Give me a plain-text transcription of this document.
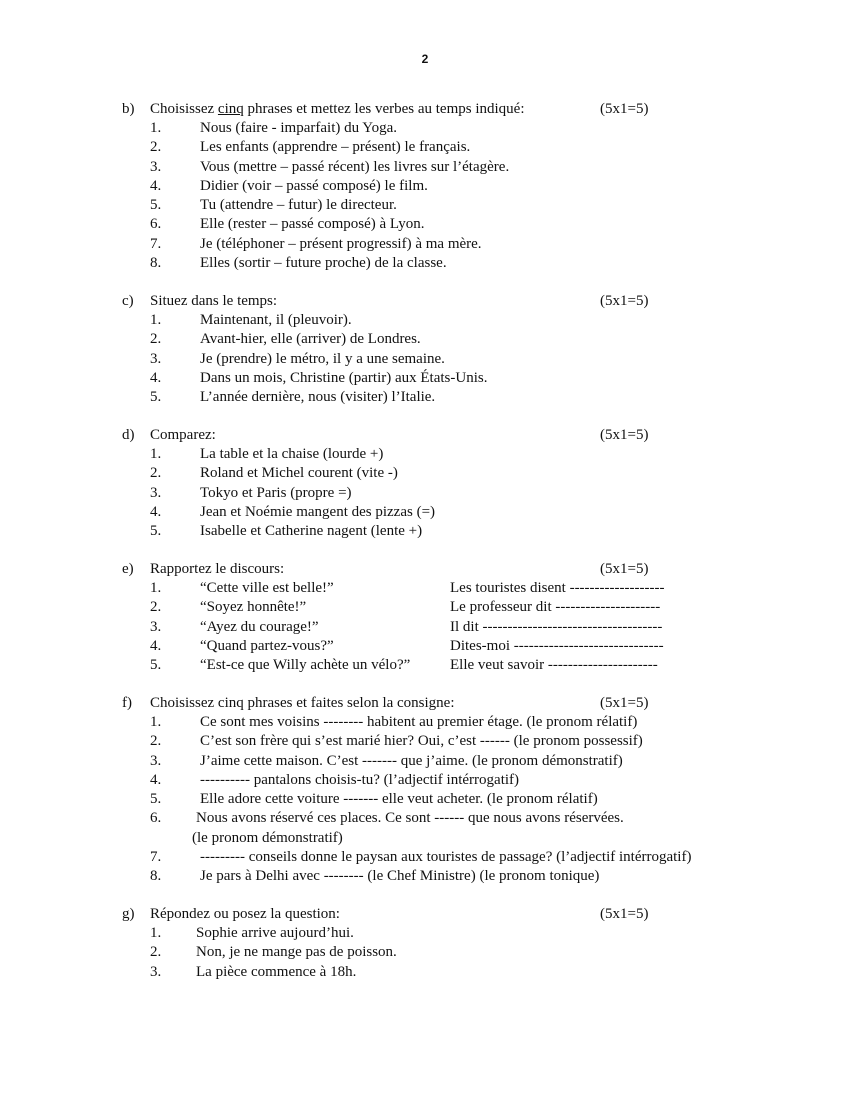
2
b) Choisissez cinq phrases et mettez les verbes au temps indiqué:	(5x1=5)
1.	Nous (faire - imparfait) du Yoga.
2.	Les enfants (apprendre – présent) le français.
3.	Vous (mettre – passé récent) les livres sur l’étagère.
4.	Didier (voir – passé composé) le film.
5.	Tu (attendre – futur) le directeur.
6.	Elle (rester – passé composé) à Lyon.
7.	Je (téléphoner – présent progressif) à ma mère.
8.	Elles (sortir – future proche) de la classe.
c) Situez dans le temps:	(5x1=5)
1.	Maintenant, il (pleuvoir).
2.	Avant-hier, elle (arriver) de Londres.
3.	Je (prendre) le métro, il y a une semaine.
4.	Dans un mois, Christine (partir) aux États-Unis.
5.	L’année dernière, nous (visiter) l’Italie.
d) Comparez:	(5x1=5)
1.	La table et la chaise (lourde +)
2.	Roland et Michel courent (vite -)
3.	Tokyo et Paris (propre =)
4.	Jean et Noémie mangent des pizzas (=)
5.	Isabelle et Catherine nagent (lente +)
e) Rapportez le discours:	(5x1=5)
1.	“Cette ville est belle!”	Les touristes disent -------------------
2.	“Soyez honnête!”	Le professeur dit ---------------------
3.	“Ayez du courage!”	Il dit ------------------------------------
4.	“Quand partez-vous?”	Dites-moi ------------------------------
5.	“Est-ce que Willy achète un vélo?”	Elle veut savoir ----------------------
f) Choisissez cinq phrases et faites selon la consigne:	(5x1=5)
1.	Ce sont mes voisins -------- habitent au premier étage. (le pronom rélatif)
2.	C’est son frère qui s’est marié hier? Oui, c’est ------ (le pronom possessif)
3.	J’aime cette maison. C’est ------- que j’aime. (le pronom démonstratif)
4.	---------- pantalons choisis-tu? (l’adjectif intérrogatif)
5.	Elle adore cette voiture ------- elle veut acheter. (le pronom rélatif)
6. Nous avons réservé ces places. Ce sont ------ que nous avons réservées.
(le pronom démonstratif)
7.	--------- conseils donne le paysan aux touristes de passage? (l’adjectif intérrogatif)
8.	Je pars à Delhi avec -------- (le Chef Ministre) (le pronom tonique)
g) Répondez ou posez la question:	(5x1=5)
1. Sophie arrive aujourd’hui.
2. Non, je ne mange pas de poisson.
3. La pièce commence à 18h.
